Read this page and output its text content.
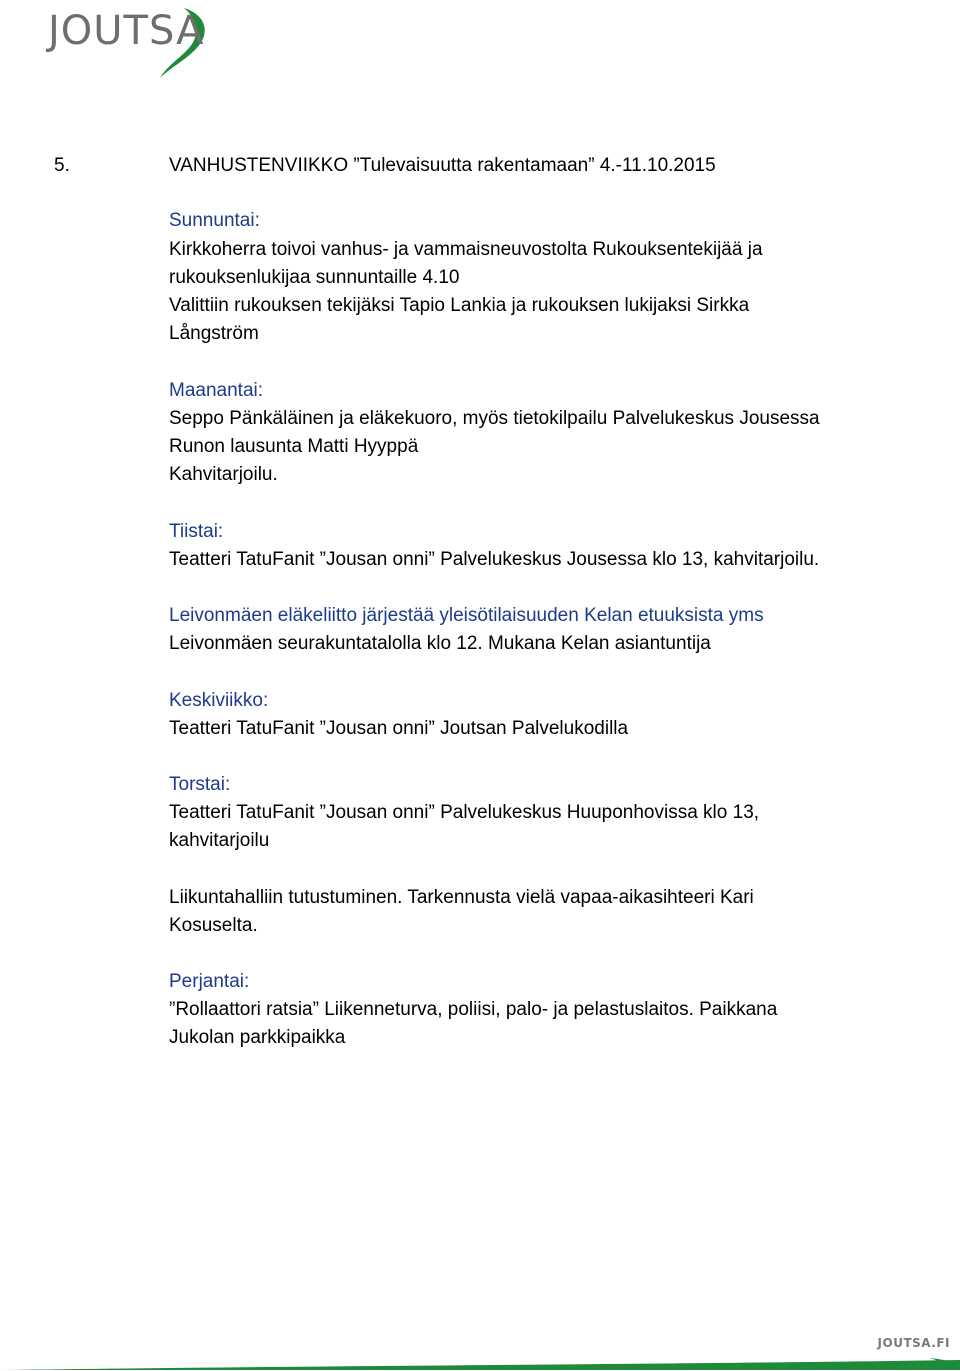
JOUTSA
5.	VANHUSTENVIIKKO ”Tulevaisuutta rakentamaan” 4.-11.10.2015
Sunnuntai:
Kirkkoherra toivoi vanhus- ja vammaisneuvostolta Rukouksentekijää ja
rukouksenlukijaa sunnuntaille 4.10
Valittiin rukouksen tekijäksi Tapio Lankia ja rukouksen lukijaksi Sirkka
Långström
Maanantai:
Seppo Pänkäläinen ja eläkekuoro, myös tietokilpailu Palvelukeskus Jousessa
Runon lausunta Matti Hyyppä
Kahvitarjoilu.
Tiistai:
Teatteri TatuFanit ”Jousan onni” Palvelukeskus Jousessa klo 13, kahvitarjoilu.
Leivonmäen eläkeliitto järjestää yleisötilaisuuden Kelan etuuksista yms
Leivonmäen seurakuntatalolla klo 12. Mukana Kelan asiantuntija
Keskiviikko:
Teatteri TatuFanit ”Jousan onni” Joutsan Palvelukodilla
Torstai:
Teatteri TatuFanit ”Jousan onni” Palvelukeskus Huuponhovissa klo 13,
kahvitarjoilu
Liikuntahalliin tutustuminen. Tarkennusta vielä vapaa-aikasihteeri Kari
Kosuselta.
Perjantai:
”Rollaattori ratsia” Liikenneturva, poliisi, palo- ja pelastuslaitos. Paikkana
Jukolan parkkipaikka
JOUTSA.FI
